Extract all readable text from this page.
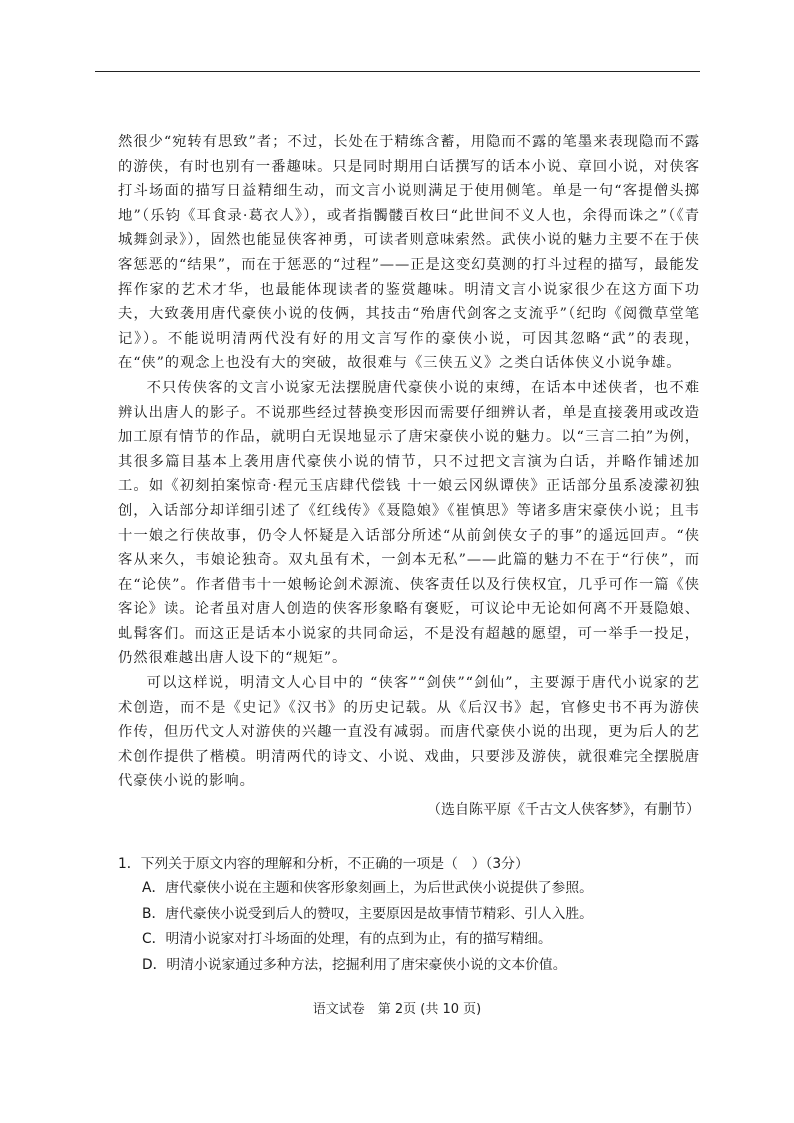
然很少“宛转有思致”者；不过，长处在于精练含蓄，用隐而不露的笔墨来表现隐而不露的游侠，有时也别有一番趣味。只是同时期用白话撰写的话本小说、章回小说，对侠客打斗场面的描写日益精细生动，而文言小说则满足于使用侧笔。单是一句“客提僧头掷地”（乐钧《耳食录·葛衣人》），或者指髑髅百枚曰“此世间不义人也，余得而诛之”（《青城舞剑录》），固然也能显侠客神勇，可读者则意味索然。武侠小说的魅力主要不在于侠客惩恶的“结果”，而在于惩恶的“过程”——正是这变幻莫测的打斗过程的描写，最能发挥作家的艺术才华，也最能体现读者的鉴赏趣味。明清文言小说家很少在这方面下功夫，大致袭用唐代豪侠小说的伎俩，其技击“殆唐代剑客之支流乎”（纪昀《阅微草堂笔记》）。不能说明清两代没有好的用文言写作的豪侠小说，可因其忽略“武”的表现，在“侠”的观念上也没有大的突破，故很难与《三侠五义》之类白话体侠义小说争雄。

不只传侠客的文言小说家无法摆脱唐代豪侠小说的束缚，在话本中述侠者，也不难辨认出唐人的影子。不说那些经过替换变形因而需要仔细辨认者，单是直接袭用或改造加工原有情节的作品，就明白无误地显示了唐宋豪侠小说的魅力。以“三言二拍”为例，其很多篇目基本上袭用唐代豪侠小说的情节，只不过把文言演为白话，并略作铺述加工。如《初刻拍案惊奇·程元玉店肆代偿钱 十一娘云冈纵谭侠》正话部分虽系凌濛初独创，入话部分却详细引述了《红线传》《聂隐娘》《崔慎思》等诸多唐宋豪侠小说；且韦十一娘之行侠故事，仍令人怀疑是入话部分所述“从前剑侠女子的事”的遥远回声。“侠客从来久，韦娘论独奇。双丸虽有术，一剑本无私”——此篇的魅力不在于“行侠”，而在“论侠”。作者借韦十一娘畅论剑术源流、侠客责任以及行侠权宜，几乎可作一篇《侠客论》读。论者虽对唐人创造的侠客形象略有褒贬，可议论中无论如何离不开聂隐娘、虬髯客们。而这正是话本小说家的共同命运，不是没有超越的愿望，可一举手一投足，仍然很难越出唐人设下的“规矩”。

可以这样说，明清文人心目中的 “侠客”“剑侠”“剑仙”，主要源于唐代小说家的艺术创造，而不是《史记》《汉书》的历史记载。从《后汉书》起，官修史书不再为游侠作传，但历代文人对游侠的兴趣一直没有减弱。而唐代豪侠小说的出现，更为后人的艺术创作提供了楷模。明清两代的诗文、小说、戏曲，只要涉及游侠，就很难完全摆脱唐代豪侠小说的影响。

（选自陈平原《千古文人侠客梦》，有删节）

1．下列关于原文内容的理解和分析，不正确的一项是（　）（3分）

A．唐代豪侠小说在主题和侠客形象刻画上，为后世武侠小说提供了参照。

B．唐代豪侠小说受到后人的赞叹，主要原因是故事情节精彩、引人入胜。

C．明清小说家对打斗场面的处理，有的点到为止，有的描写精细。

D．明清小说家通过多种方法，挖掘利用了唐宋豪侠小说的文本价值。

语文试卷　第 2页 (共 10 页)
